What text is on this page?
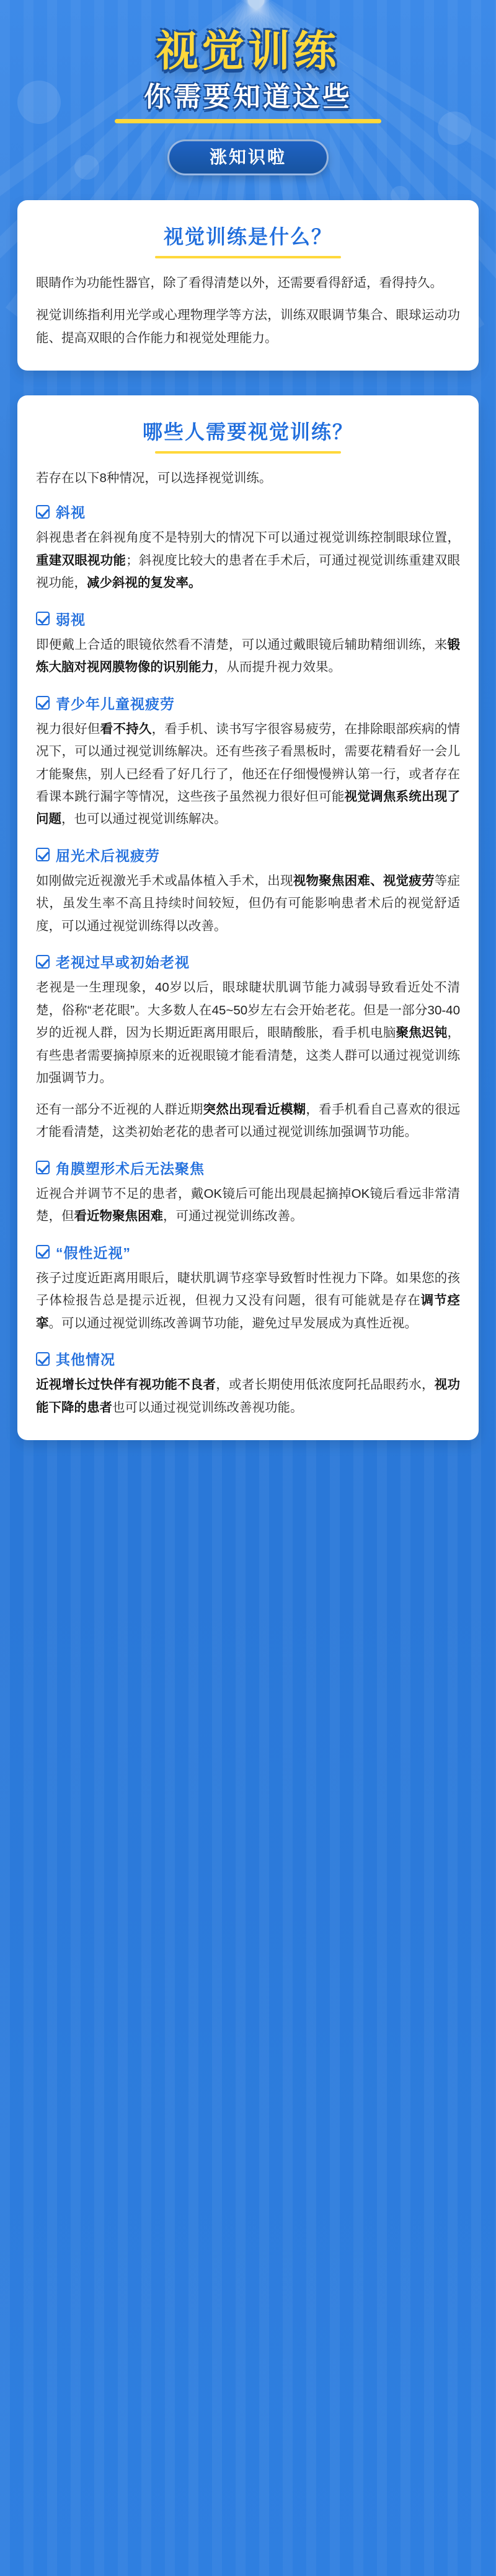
视觉训练
你需要知道这些
涨知识啦
视觉训练是什么？

眼睛作为功能性器官，除了看得清楚以外，还需要看得舒适，看得持久。

视觉训练指利用光学或心理物理学等方法，训练双眼调节集合、眼球运动功能、提高双眼的合作能力和视觉处理能力。

哪些人需要视觉训练？
若存在以下8种情况，可以选择视觉训练。
斜视

斜视患者在斜视角度不是特别大的情况下可以通过视觉训练控制眼球位置，重建双眼视功能；斜视度比较大的患者在手术后，可通过视觉训练重建双眼视功能，减少斜视的复发率。

弱视

即便戴上合适的眼镜依然看不清楚，可以通过戴眼镜后辅助精细训练，来锻炼大脑对视网膜物像的识别能力，从而提升视力效果。

青少年儿童视疲劳

视力很好但看不持久，看手机、读书写字很容易疲劳，在排除眼部疾病的情况下，可以通过视觉训练解决。还有些孩子看黑板时，需要花精看好一会儿才能聚焦，别人已经看了好几行了，他还在仔细慢慢辨认第一行，或者存在看课本跳行漏字等情况，这些孩子虽然视力很好但可能视觉调焦系统出现了问题，也可以通过视觉训练解决。

屈光术后视疲劳

如刚做完近视激光手术或晶体植入手术，出现视物聚焦困难、视觉疲劳等症状，虽发生率不高且持续时间较短，但仍有可能影响患者术后的视觉舒适度，可以通过视觉训练得以改善。

老视过早或初始老视

老视是一生理现象，40岁以后，眼球睫状肌调节能力减弱导致看近处不清楚，俗称“老花眼”。大多数人在45~50岁左右会开始老花。但是一部分30-40岁的近视人群，因为长期近距离用眼后，眼睛酸胀，看手机电脑聚焦迟钝，有些患者需要摘掉原来的近视眼镜才能看清楚，这类人群可以通过视觉训练加强调节力。

还有一部分不近视的人群近期突然出现看近模糊，看手机看自己喜欢的很远才能看清楚，这类初始老花的患者可以通过视觉训练加强调节功能。

角膜塑形术后无法聚焦

近视合并调节不足的患者，戴OK镜后可能出现晨起摘掉OK镜后看远非常清楚，但看近物聚焦困难，可通过视觉训练改善。

“假性近视”

孩子过度近距离用眼后，睫状肌调节痉挛导致暂时性视力下降。如果您的孩子体检报告总是提示近视，但视力又没有问题，很有可能就是存在调节痉挛。可以通过视觉训练改善调节功能，避免过早发展成为真性近视。

其他情况

近视增长过快伴有视功能不良者，或者长期使用低浓度阿托品眼药水，视功能下降的患者也可以通过视觉训练改善视功能。
